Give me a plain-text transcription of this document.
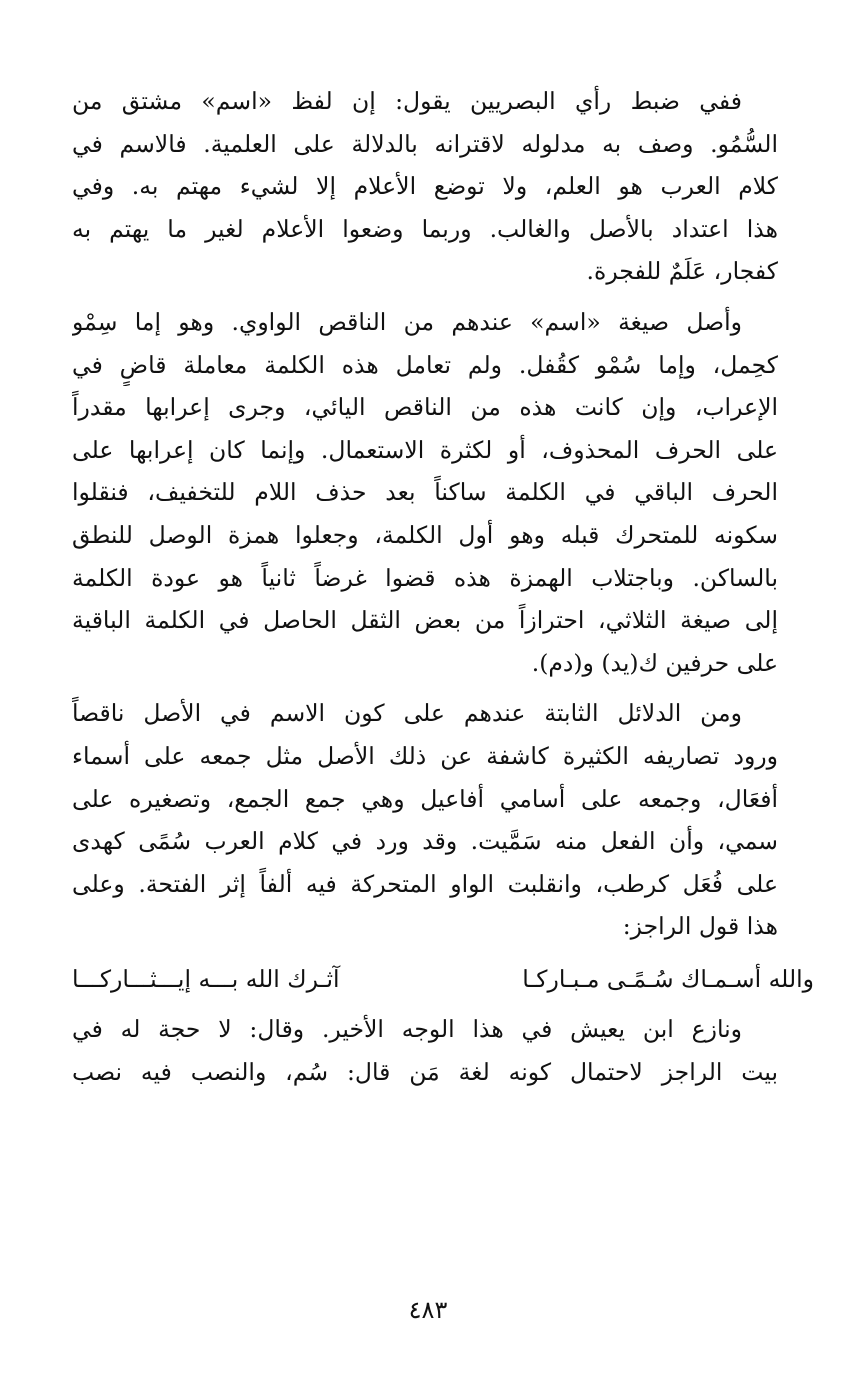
ففي ضبط رأي البصريين يقول: إن لفظ «اسم» مشتق من
السُّمُو. وصف به مدلوله لاقترانه بالدلالة على العلمية. فالاسم في
كلام العرب هو العلم، ولا توضع الأعلام إلا لشيء مهتم به. وفي
هذا اعتداد بالأصل والغالب. وربما وضعوا الأعلام لغير ما يهتم به
كفجار، عَلَمٌ للفجرة.
وأصل صيغة «اسم» عندهم من الناقص الواوي. وهو إما سِمْو
كحِمل، وإما سُمْو كقُفل. ولم تعامل هذه الكلمة معاملة قاضٍ في
الإعراب، وإن كانت هذه من الناقص اليائي، وجرى إعرابها مقدراً
على الحرف المحذوف، أو لكثرة الاستعمال. وإنما كان إعرابها على
الحرف الباقي في الكلمة ساكناً بعد حذف اللام للتخفيف، فنقلوا
سكونه للمتحرك قبله وهو أول الكلمة، وجعلوا همزة الوصل للنطق
بالساكن. وباجتلاب الهمزة هذه قضوا غرضاً ثانياً هو عودة الكلمة
إلى صيغة الثلاثي، احترازاً من بعض الثقل الحاصل في الكلمة الباقية
على حرفين ك(يد) و(دم).
ومن الدلائل الثابتة عندهم على كون الاسم في الأصل ناقصاً
ورود تصاريفه الكثيرة كاشفة عن ذلك الأصل مثل جمعه على أسماء
أفعَال، وجمعه على أسامي أفاعيل وهي جمع الجمع، وتصغيره على
سمي، وأن الفعل منه سَمَّيت. وقد ورد في كلام العرب سُمًى كهدى
على فُعَل كرطب، وانقلبت الواو المتحركة فيه ألفاً إثر الفتحة. وعلى
هذا قول الراجز:
والله أسـمـاك سُـمًـى مـبـاركـا
آثـرك الله بـــه إيـــثـــاركـــا
ونازع ابن يعيش في هذا الوجه الأخير. وقال: لا حجة له في
بيت الراجز لاحتمال كونه لغة مَن قال: سُم، والنصب فيه نصب
٤٨٣
